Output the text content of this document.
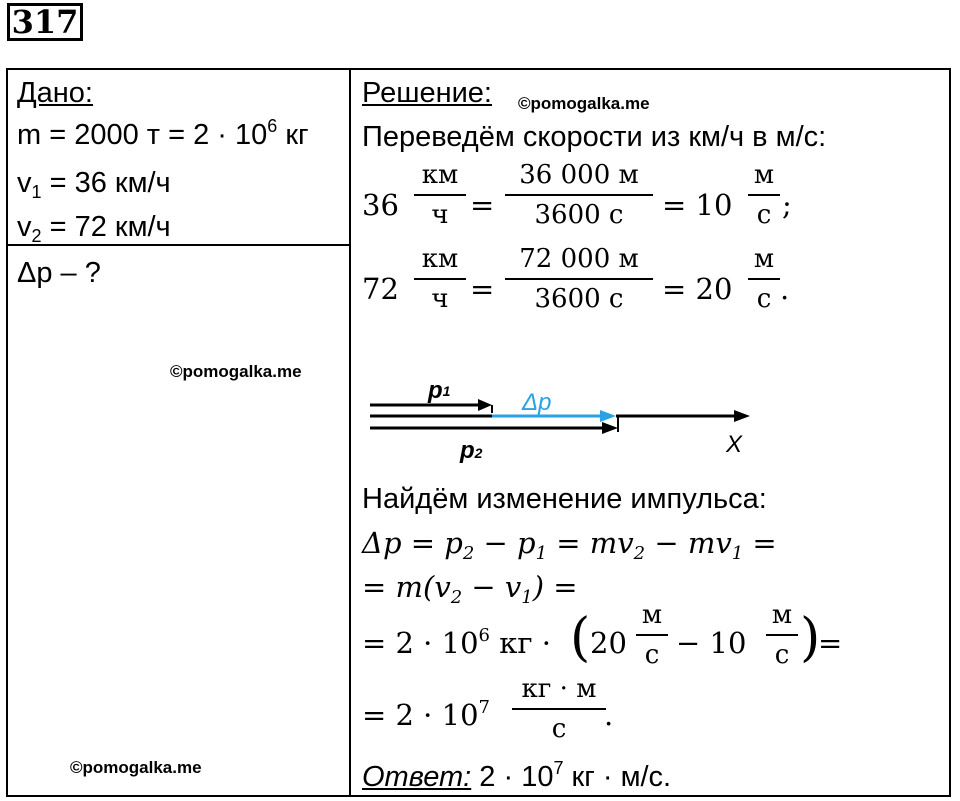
317
Дано:
m = 2000 $т = 2 \cdot 10^6$ кг
$v_1 = 36$ км/ч
$v_2 = 72$ км/ч
Δp – ?
©pomogalka.me
©pomogalka.me
Решение: ©pomogalka.me
Переведём скорости из км/ч в м/с:
36
км
ч =
36 000 м
3600 с	= 10
м
с ;
72
км
ч =
72 000 м
3600 с	= 20
м
с .
p1	Δp
p2	X
Найдём изменение импульса:
$\Delta p = p_2 - p_1 = mv_2 - mv_1$ =
= $m(v_2 - v_1)$ =
= $2 \cdot 10^6$ кг · ( 20
м
с − 10
м
с )
=
= $2 \cdot 10^7$
кг · м
с	.
Ответ: $2 \cdot 10^7$ кг · м/с.
